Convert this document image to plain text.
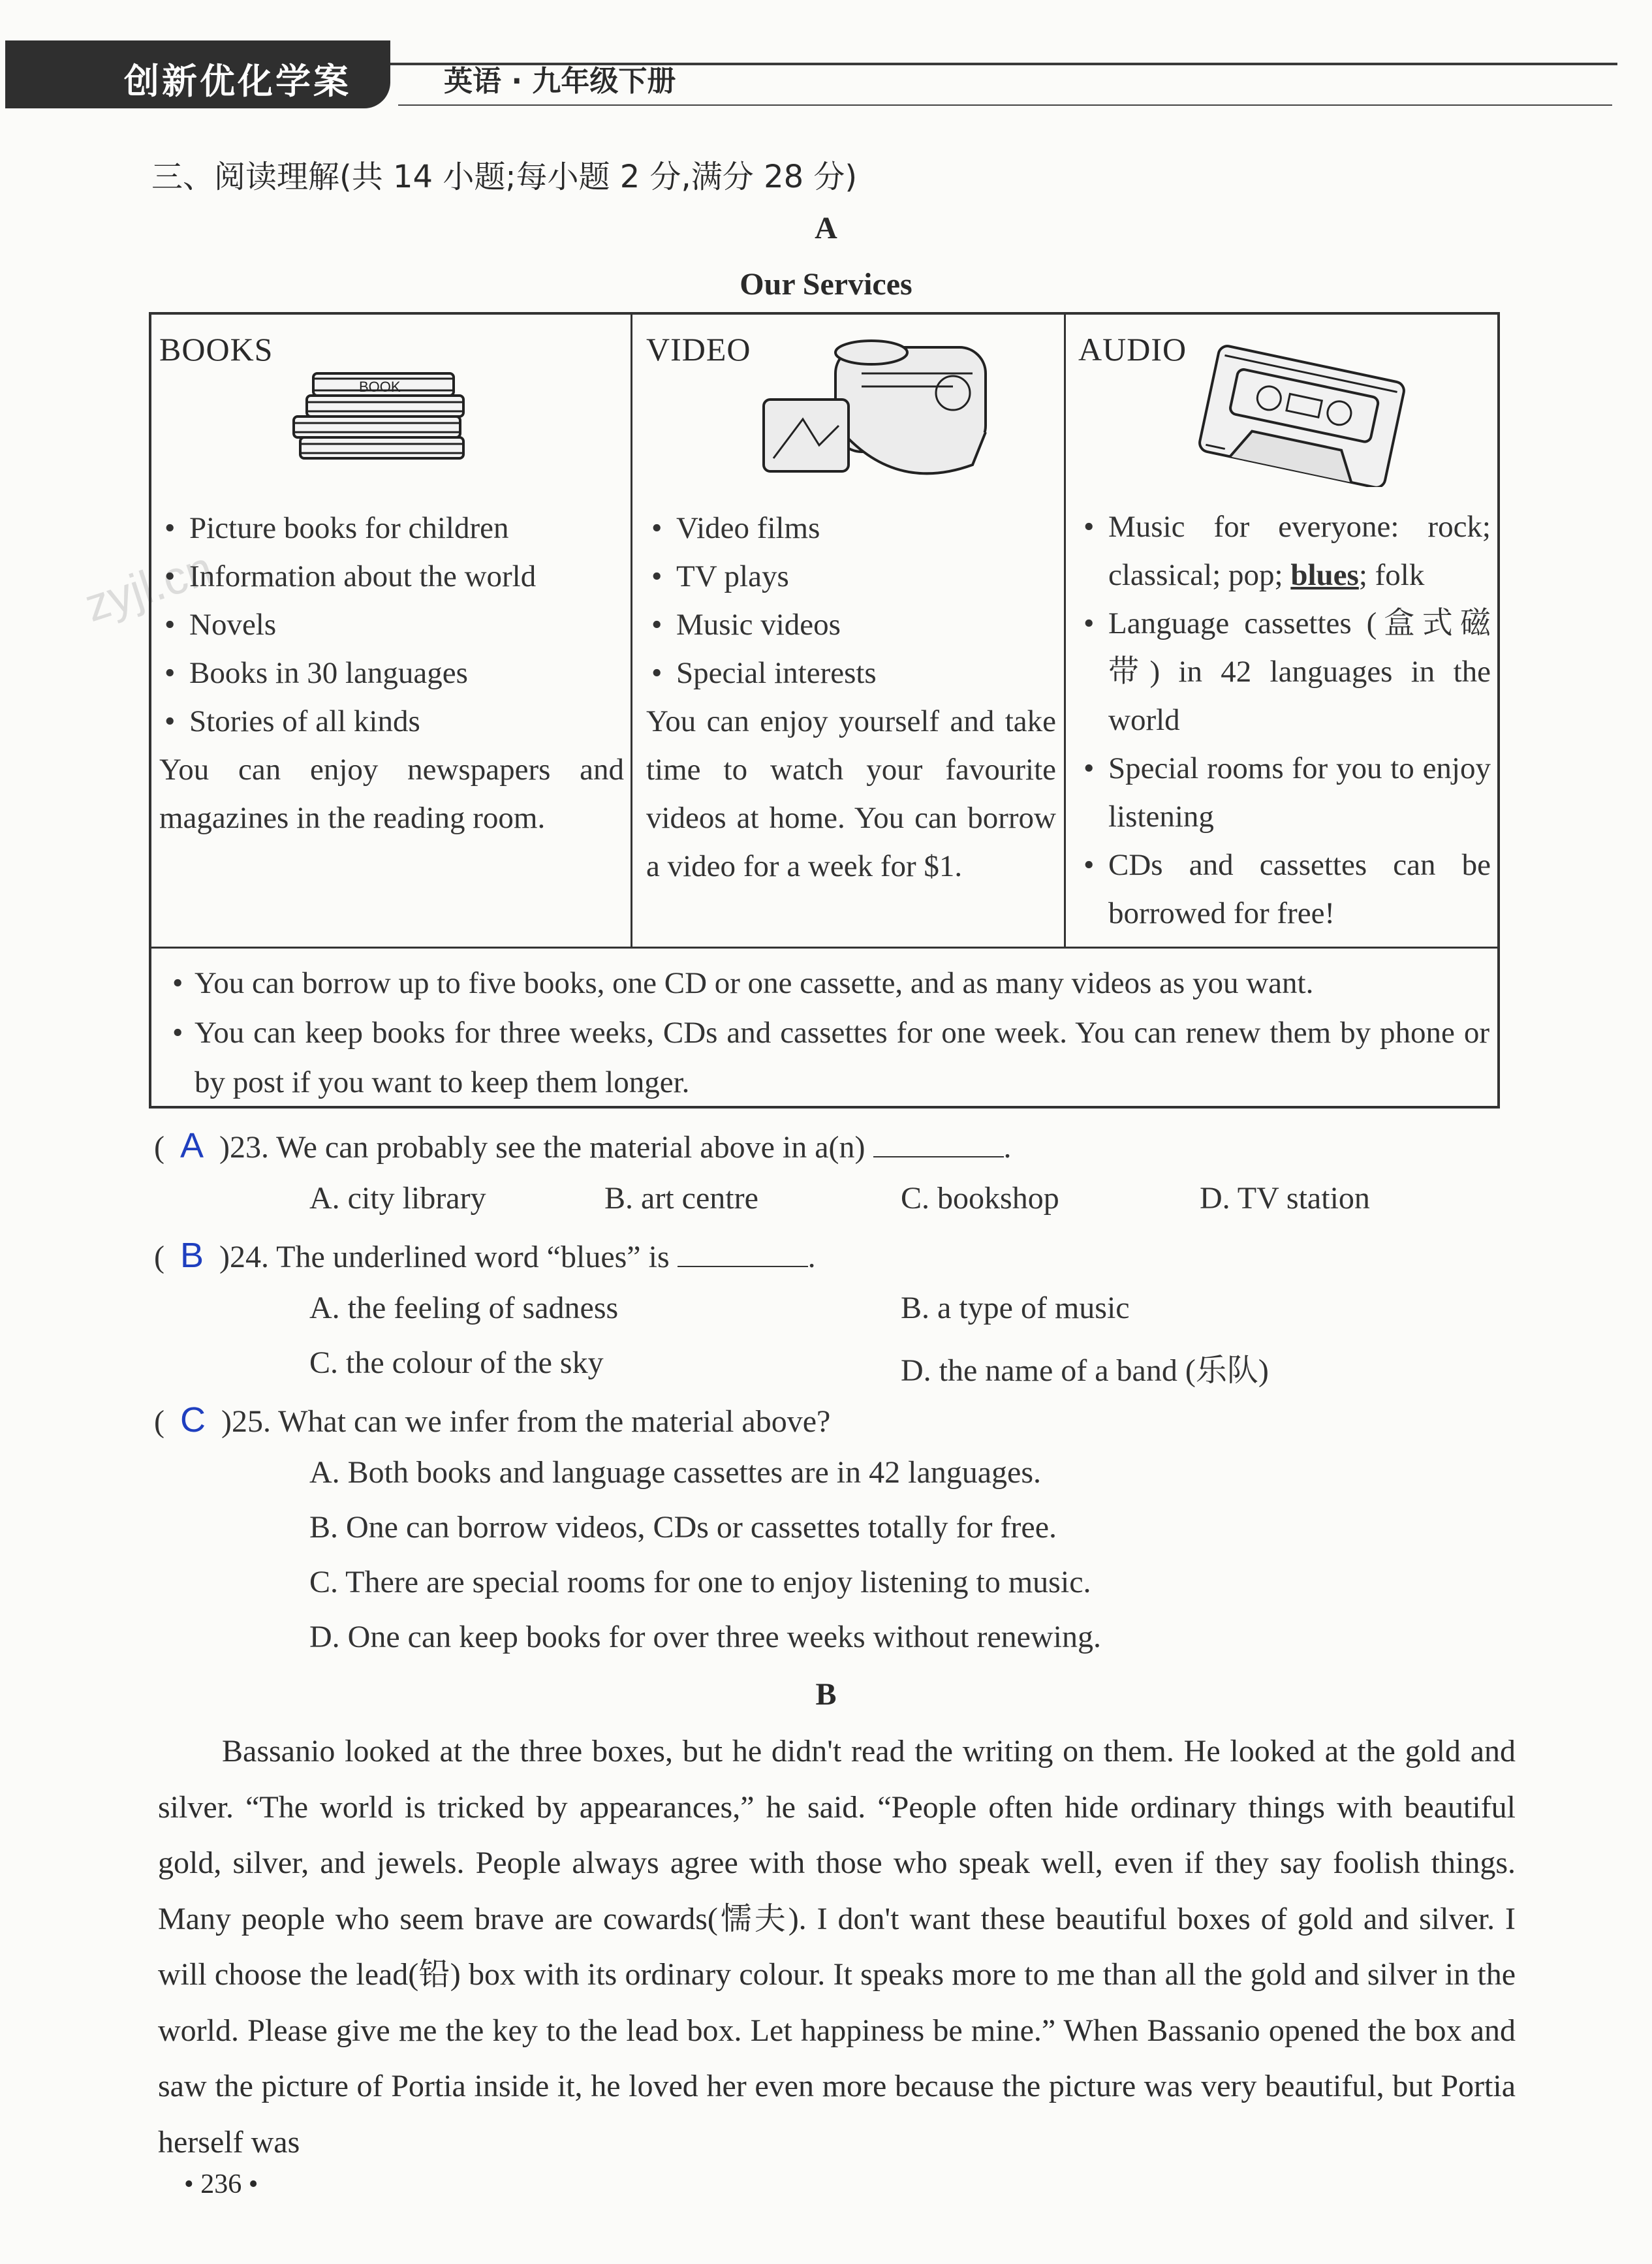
创新优化学案	英语 · 九年级下册
zyjl.cn
三、阅读理解(共 14 小题;每小题 2 分,满分 28 分)
A
Our Services
BOOKS
BOOK
• Picture books for children
• Information about the world
• Novels
• Books in 30 languages
• Stories of all kinds
You can enjoy newspapers and magazines in the reading room.
VIDEO
• Video films
• TV plays
• Music videos
• Special interests
You can enjoy yourself and take time to watch your favourite videos at home. You can borrow a video for a week for $1.
AUDIO
• Music for everyone: rock; classical; pop; blues; folk
• Language cassettes (盒式磁带) in 42 languages in the world
• Special rooms for you to enjoy listening
• CDs and cassettes can be borrowed for free!
• You can borrow up to five books, one CD or one cassette, and as many videos as you want.
• You can keep books for three weeks, CDs and cassettes for one week. You can renew them by phone or by post if you want to keep them longer.
(  A )23. We can probably see the material above in a(n)	.
A. city library	B. art centre	C. bookshop	D. TV station
(  B )24. The underlined word “blues” is	.
A. the feeling of sadness	B. a type of music
C. the colour of the sky	D. the name of a band (乐队)
(  C )25. What can we infer from the material above?
A. Both books and language cassettes are in 42 languages.
B. One can borrow videos, CDs or cassettes totally for free.
C. There are special rooms for one to enjoy listening to music.
D. One can keep books for over three weeks without renewing.
B

Bassanio looked at the three boxes, but he didn't read the writing on them. He looked at the gold and silver. “The world is tricked by appearances,” he said. “People often hide ordinary things with beautiful gold, silver, and jewels. People always agree with those who speak well, even if they say foolish things. Many people who seem brave are cowards(懦夫). I don't want these beautiful boxes of gold and silver. I will choose the lead(铅) box with its ordinary colour. It speaks more to me than all the gold and silver in the world. Please give me the key to the lead box. Let happiness be mine.” When Bassanio opened the box and saw the picture of Portia inside it, he loved her even more because the picture was very beautiful, but Portia herself was

• 236 •
